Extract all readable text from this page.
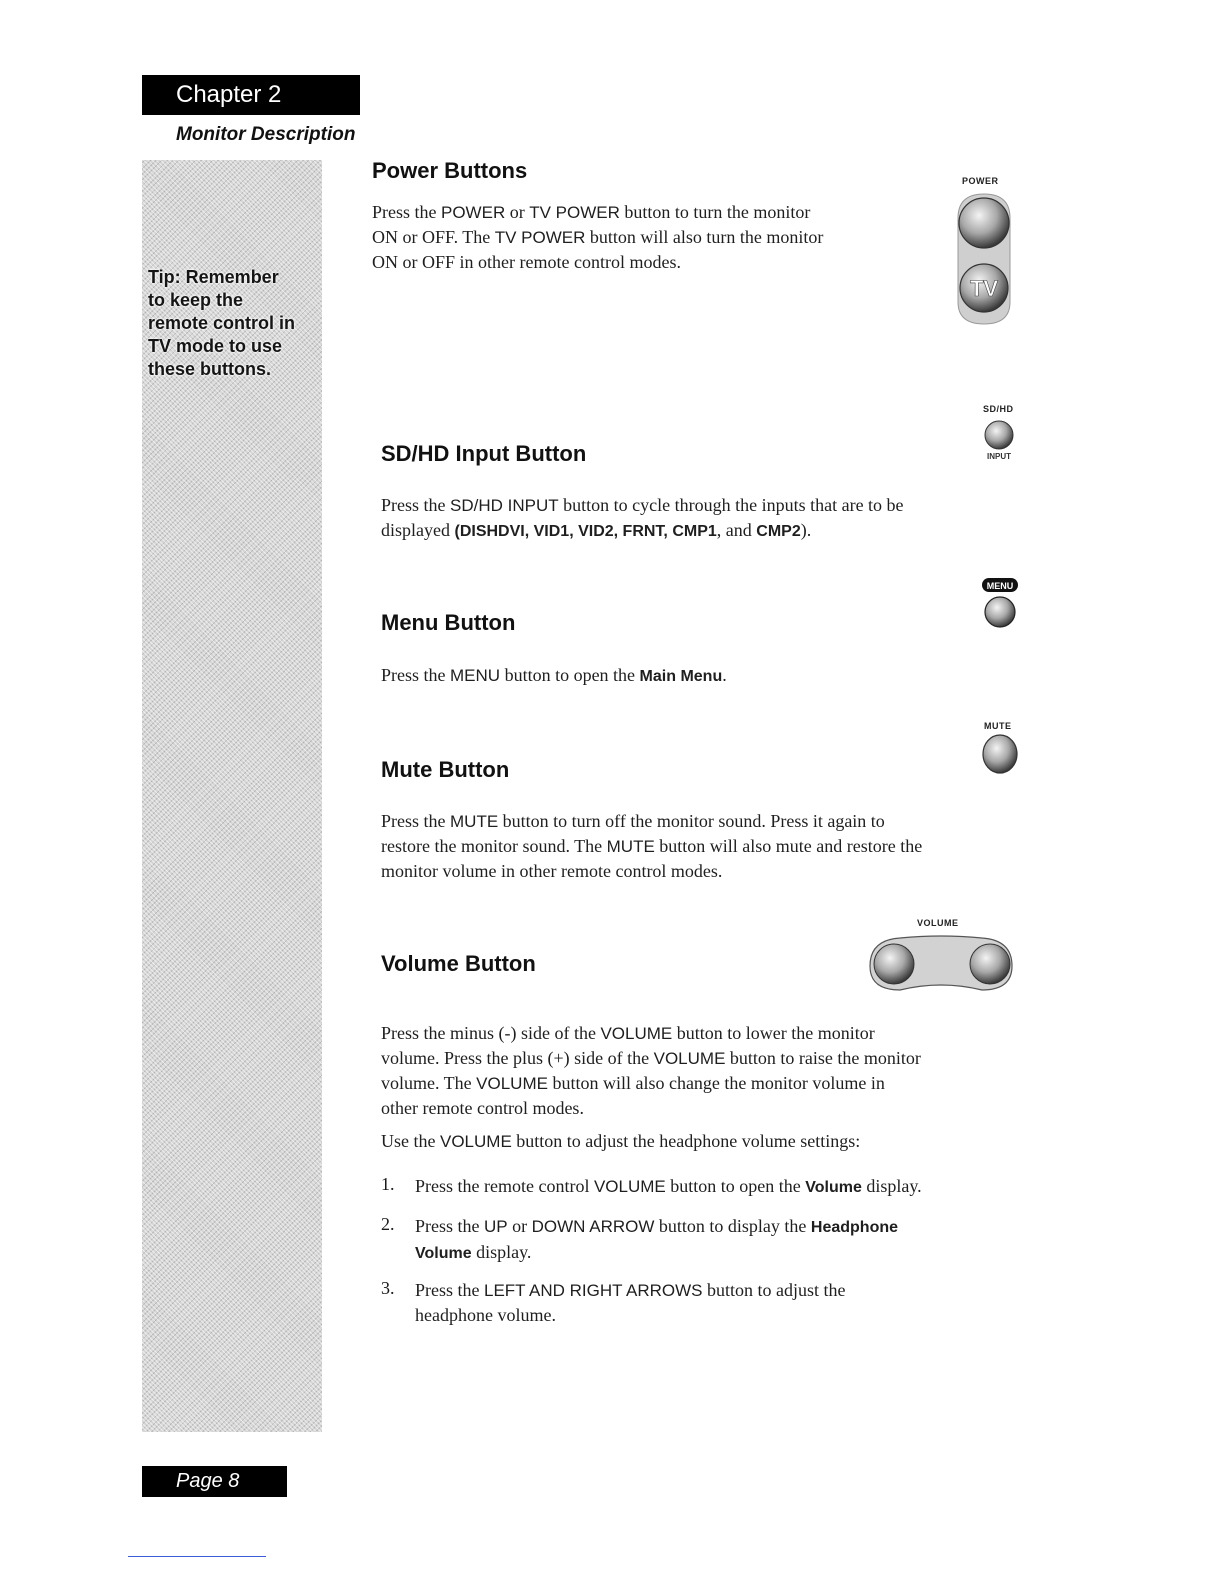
Chapter 2
Monitor Description
Tip: Remember
to keep the
remote control in
TV mode to use
these buttons.
Power Buttons
Press the POWER or TV POWER button to turn the monitor
ON or OFF. The TV POWER button will also turn the monitor
ON or OFF in other remote control modes.
POWER
TV
SD/HD
INPUT
SD/HD Input Button
Press the SD/HD INPUT button to cycle through the inputs that are to be
displayed (DISHDVI, VID1, VID2, FRNT, CMP1, and CMP2).
MENU
Menu Button
Press the MENU button to open the Main Menu.
MUTE
Mute Button
Press the MUTE button to turn off the monitor sound. Press it again to
restore the monitor sound. The MUTE button will also mute and restore the
monitor volume in other remote control modes.
VOLUME
Volume Button
Press the minus (-) side of the VOLUME button to lower the monitor
volume. Press the plus (+) side of the VOLUME button to raise the monitor
volume. The VOLUME button will also change the monitor volume in
other remote control modes.
Use the VOLUME button to adjust the headphone volume settings:
1. Press the remote control VOLUME button to open the Volume display.
2. Press the UP or DOWN ARROW button to display the Headphone
Volume display.
3. Press the LEFT AND RIGHT ARROWS button to adjust the
headphone volume.
Page 8
